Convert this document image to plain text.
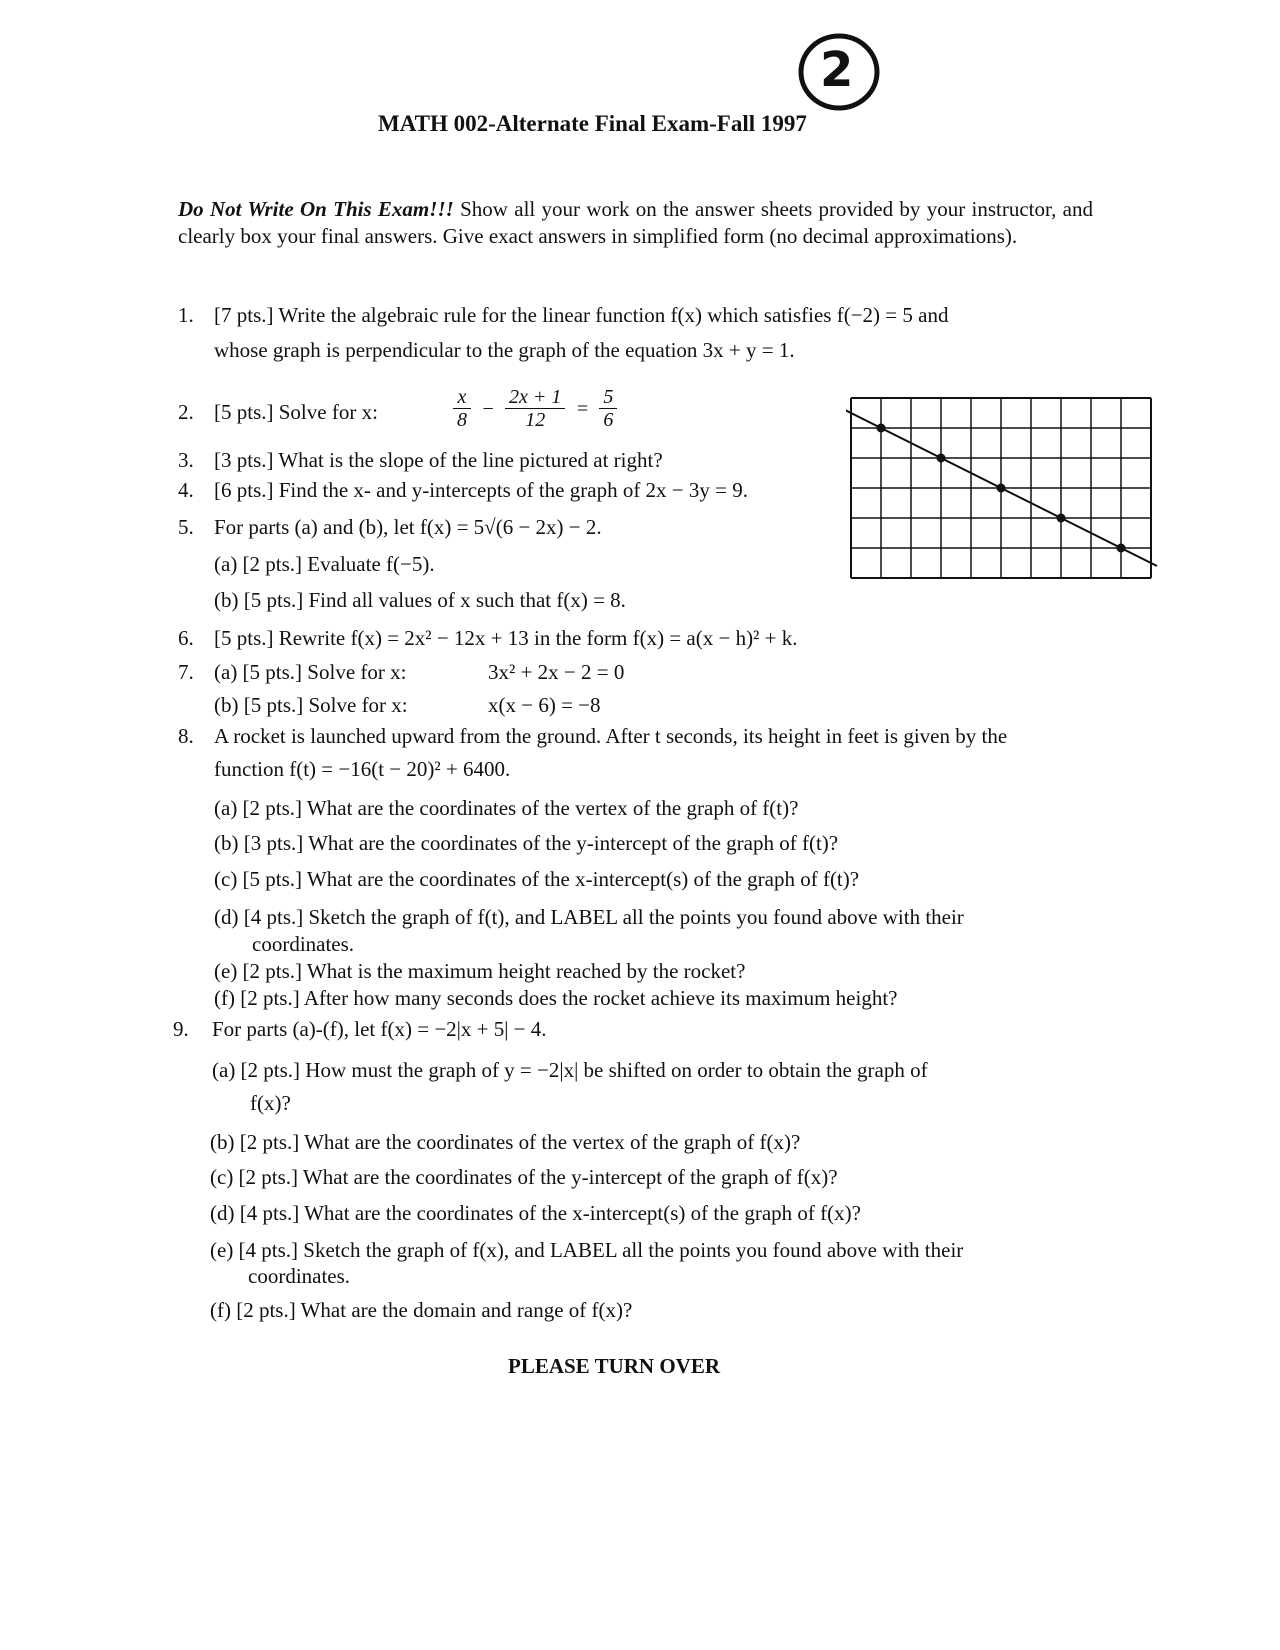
2
MATH 002-Alternate Final Exam-Fall 1997
Do Not Write On This Exam!!! Show all your work on the answer sheets provided by your instructor, and clearly box your final answers. Give exact answers in simplified form (no decimal approximations).
1. [7 pts.] Write the algebraic rule for the linear function f(x) which satisfies f(−2) = 5 and
whose graph is perpendicular to the graph of the equation 3x + y = 1.
2. [5 pts.] Solve for x:	$\frac{x}{8} - \frac{2x + 1}{12} = \frac{5}{6}$
3. [3 pts.] What is the slope of the line pictured at right?
4. [6 pts.] Find the x- and y-intercepts of the graph of 2x − 3y = 9.
5. For parts (a) and (b), let f(x) = 5√(6 − 2x) − 2.
(a) [2 pts.] Evaluate f(−5).
(b) [5 pts.] Find all values of x such that f(x) = 8.
6. [5 pts.] Rewrite f(x) = 2x² − 12x + 13 in the form f(x) = a(x − h)² + k.
7. (a) [5 pts.] Solve for x:	3x² + 2x − 2 = 0
(b) [5 pts.] Solve for x:	x(x − 6) = −8
8. A rocket is launched upward from the ground. After t seconds, its height in feet is given by the
function f(t) = −16(t − 20)² + 6400.
(a) [2 pts.] What are the coordinates of the vertex of the graph of f(t)?
(b) [3 pts.] What are the coordinates of the y-intercept of the graph of f(t)?
(c) [5 pts.] What are the coordinates of the x-intercept(s) of the graph of f(t)?
(d) [4 pts.] Sketch the graph of f(t), and LABEL all the points you found above with their
coordinates.
(e) [2 pts.] What is the maximum height reached by the rocket?
(f) [2 pts.] After how many seconds does the rocket achieve its maximum height?
9. For parts (a)-(f), let f(x) = −2|x + 5| − 4.
(a) [2 pts.] How must the graph of y = −2|x| be shifted on order to obtain the graph of
f(x)?
(b) [2 pts.] What are the coordinates of the vertex of the graph of f(x)?
(c) [2 pts.] What are the coordinates of the y-intercept of the graph of f(x)?
(d) [4 pts.] What are the coordinates of the x-intercept(s) of the graph of f(x)?
(e) [4 pts.] Sketch the graph of f(x), and LABEL all the points you found above with their
coordinates.
(f) [2 pts.] What are the domain and range of f(x)?
PLEASE TURN OVER
